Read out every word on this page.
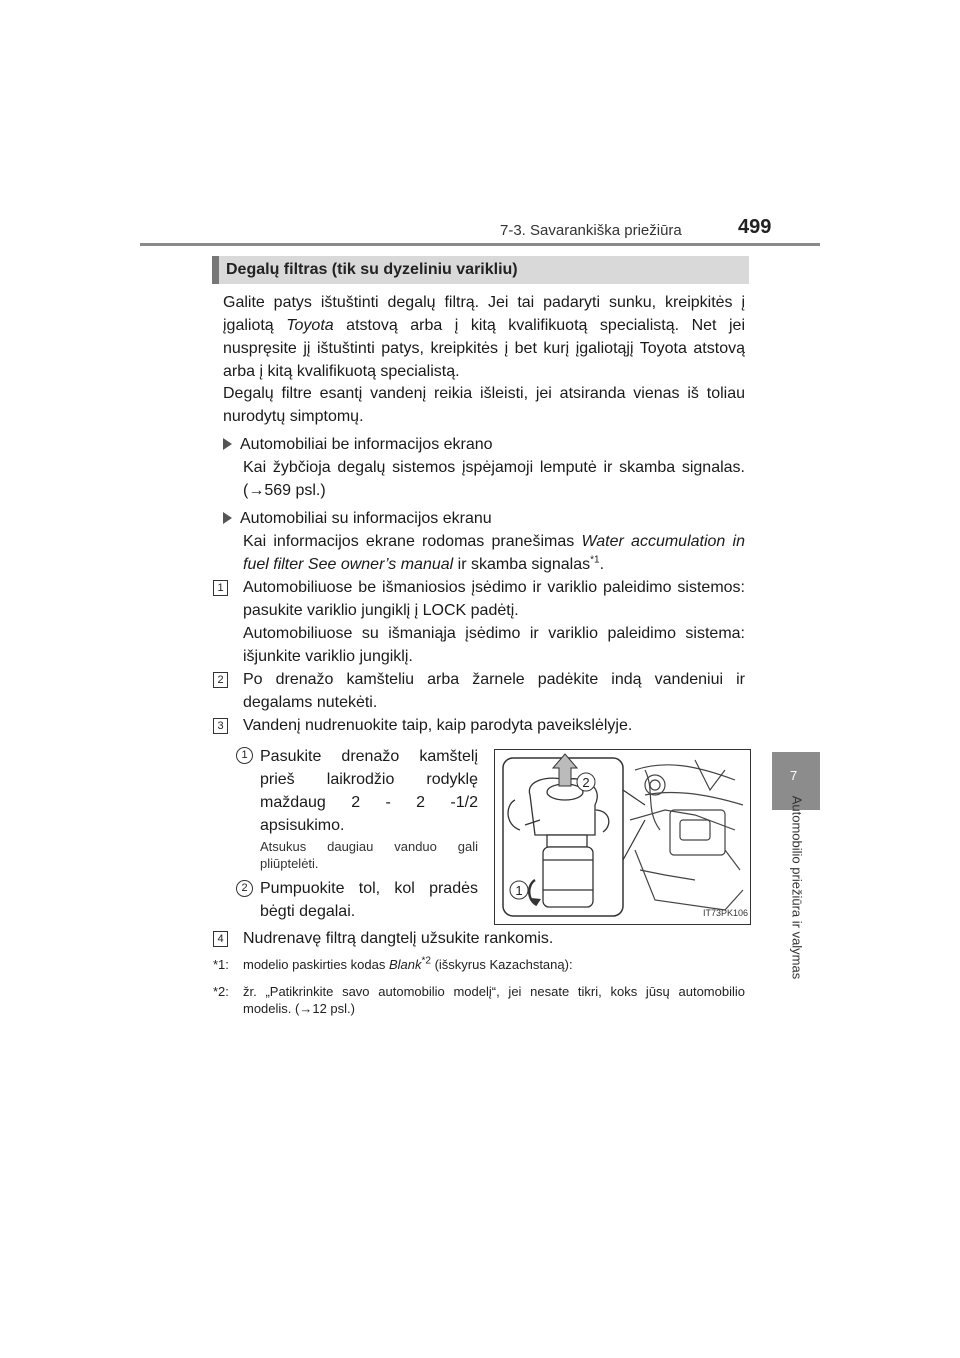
7-3. Savarankiška priežiūra	499
7
Automobilio priežiūra ir valymas
Degalų filtras (tik su dyzeliniu varikliu)

Galite patys ištuštinti degalų filtrą. Jei tai padaryti sunku, kreipkitės į įgaliotą Toyota atstovą arba į kitą kvalifikuotą specialistą. Net jei nuspręsite jį ištuštinti patys, kreipkitės į bet kurį įgaliotąjį Toyota atstovą arba į kitą kvalifikuotą specialistą.

Degalų filtre esantį vandenį reikia išleisti, jei atsiranda vienas iš toliau nurodytų simptomų.

Automobiliai be informacijos ekrano
Kai žybčioja degalų sistemos įspėjamoji lemputė ir skamba signalas. (→569 psl.)
Automobiliai su informacijos ekranu
Kai informacijos ekrane rodomas pranešimas Water accumulation in fuel filter See owner’s manual ir skamba signalas$^{*1}$.
1 Automobiliuose be išmaniosios įsėdimo ir variklio paleidimo sistemos: pasukite variklio jungiklį į LOCK padėtį.
Automobiliuose su išmaniąja įsėdimo ir variklio paleidimo sistema: išjunkite variklio jungiklį.
2 Po drenažo kamšteliu arba žarnele padėkite indą vandeniui ir degalams nutekėti.
3 Vandenį nudrenuokite taip, kaip parodyta paveikslėlyje.
1 Pasukite drenažo kamštelį prieš laikrodžio rodyklę maždaug 2 - 2 -1/2 apsisukimo.
Atsukus daugiau vanduo gali pliūptelėti.
2 Pumpuokite tol, kol pradės bėgti degalai.
2
1
IT73PK106
4 Nudrenavę filtrą dangtelį užsukite rankomis.
*1: modelio paskirties kodas Blank$^{*2}$ (išskyrus Kazachstaną):
*2: žr. „Patikrinkite savo automobilio modelį“, jei nesate tikri, koks jūsų automobilio modelis. (→12 psl.)
